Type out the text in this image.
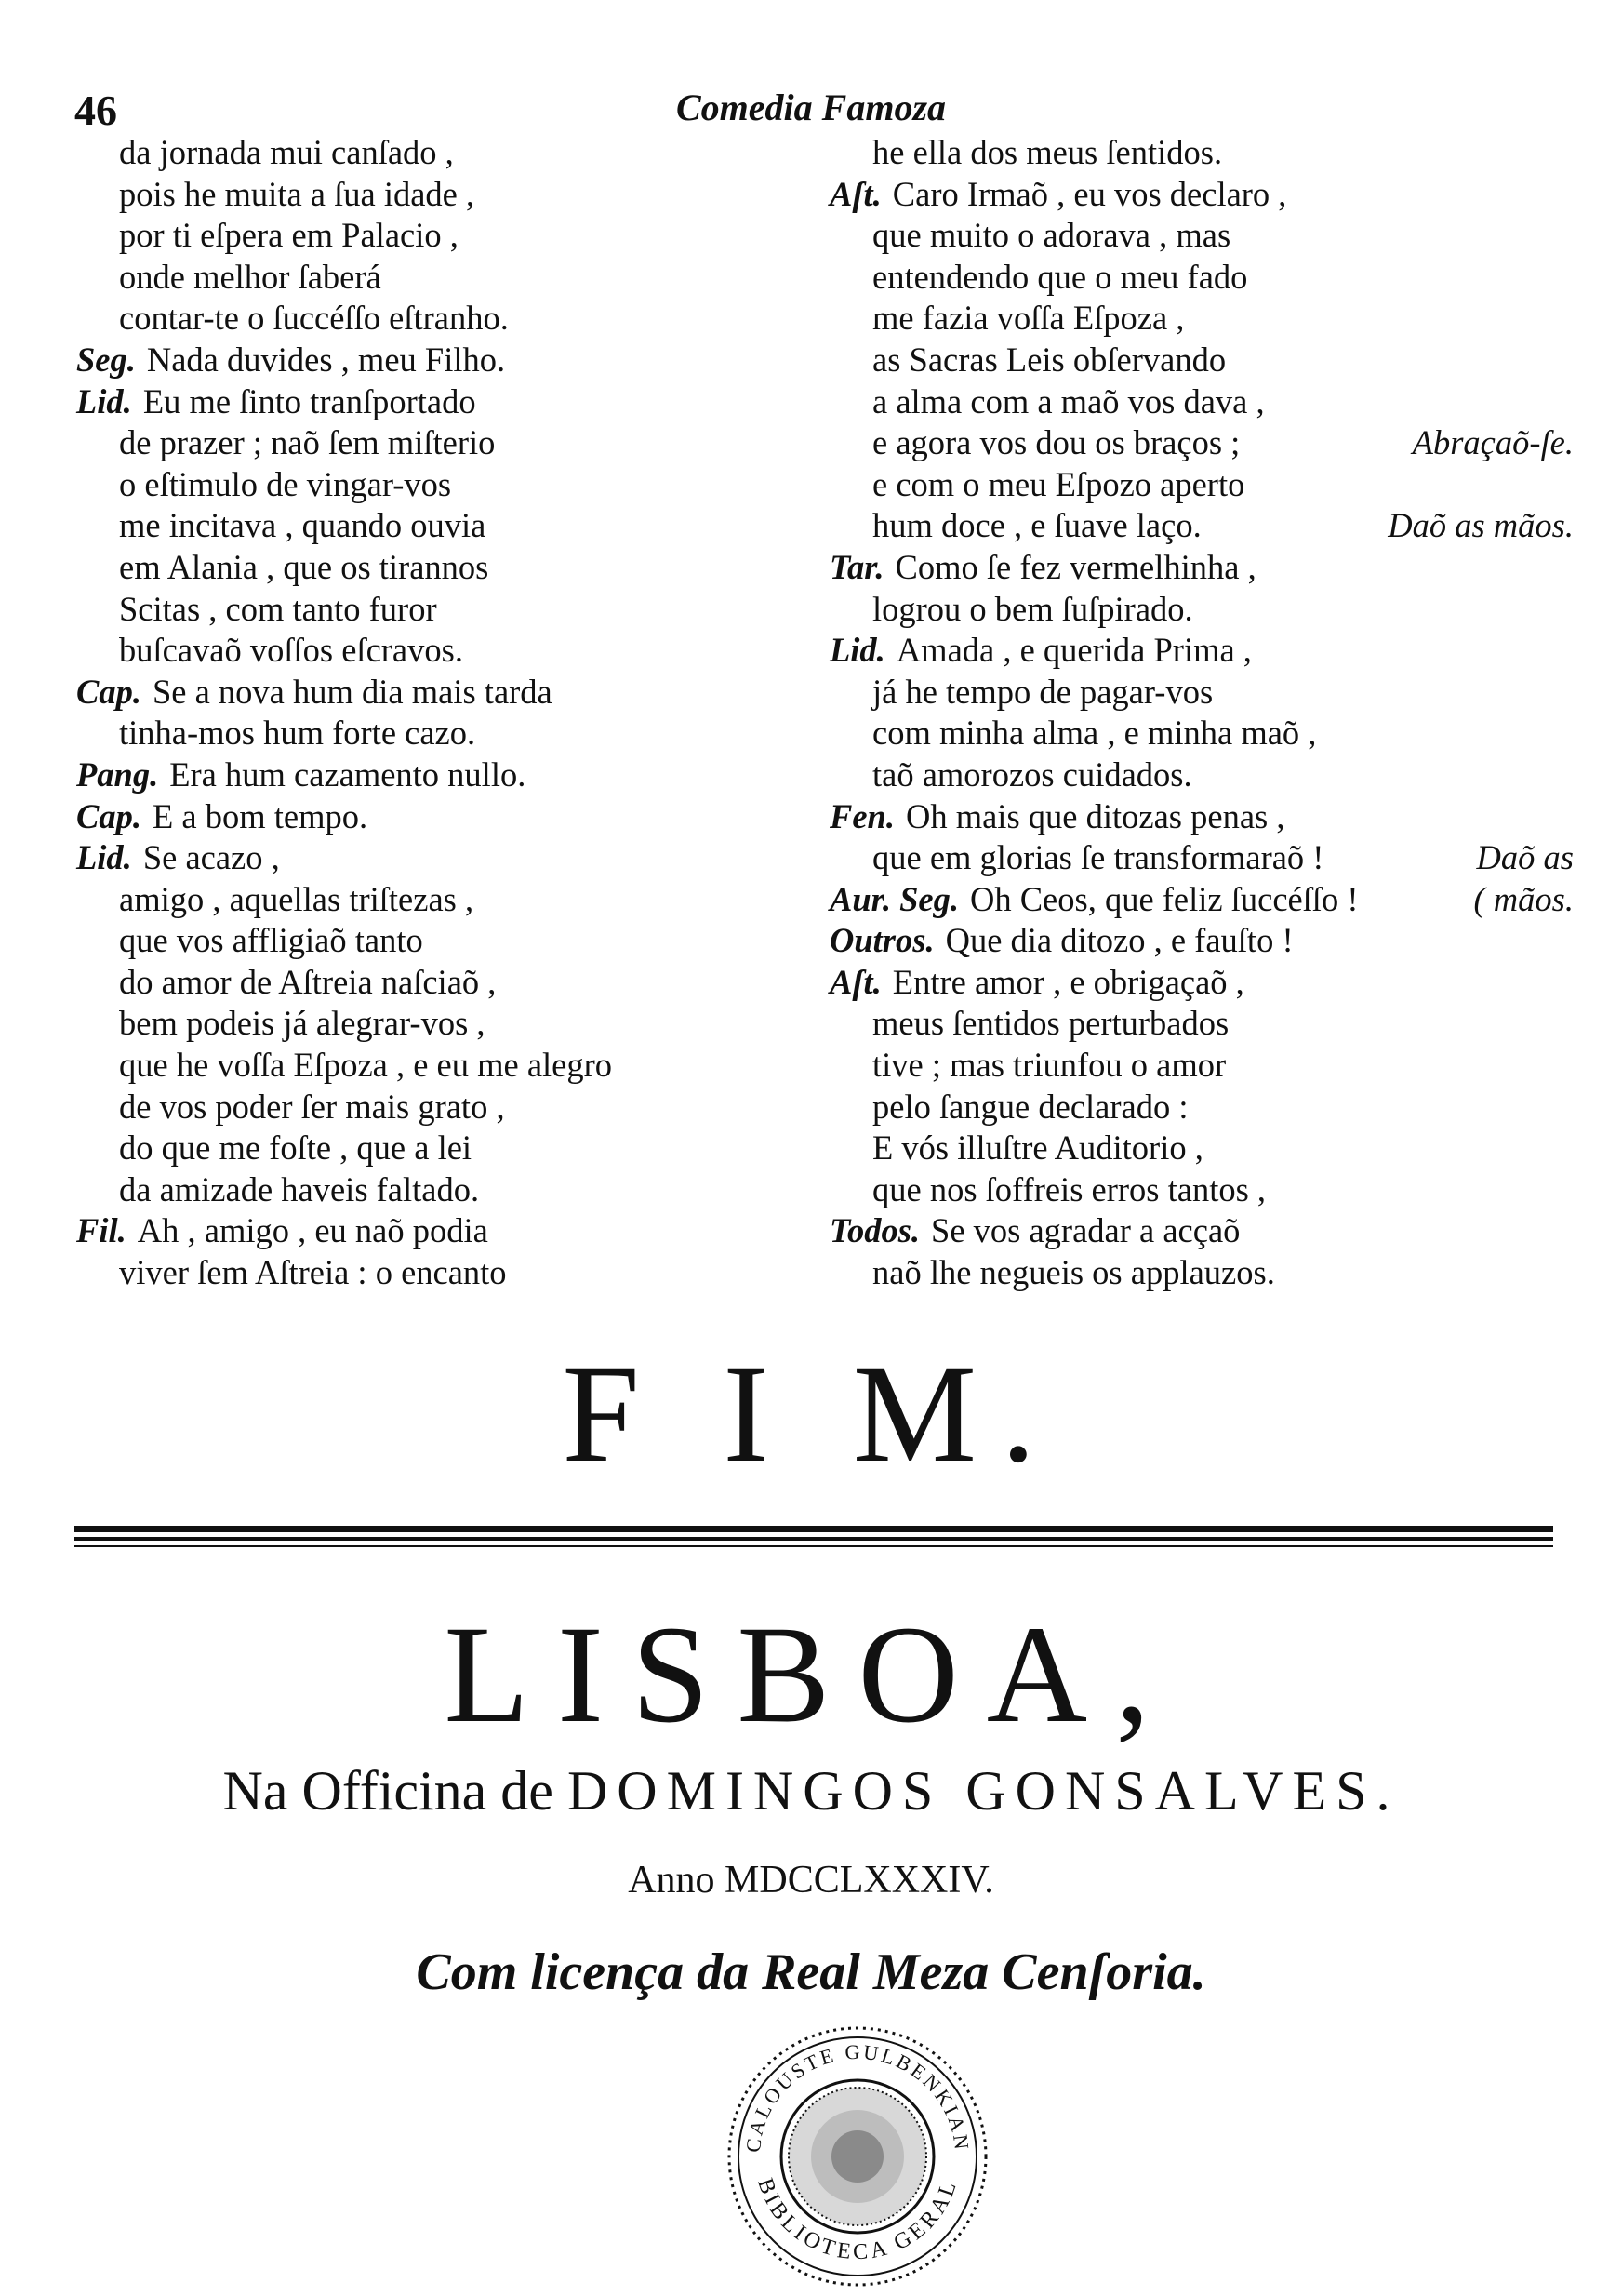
46	Comedia Famoza
da jornada mui canſado ,
pois he muita a ſua idade ,
por ti eſpera em Palacio ,
onde melhor ſaberá
contar-te o ſuccéſſo eſtranho.
Seg. Nada duvides , meu Filho.
Lid. Eu me ſinto tranſportado
de prazer ; naõ ſem miſterio
o eſtimulo de vingar-vos
me incitava , quando ouvia
em Alania , que os tirannos
Scitas , com tanto furor
buſcavaõ voſſos eſcravos.
Cap. Se a nova hum dia mais tarda
tinha-mos hum forte cazo.
Pang. Era hum cazamento nullo.
Cap. E a bom tempo.
Lid. Se acazo ,
amigo , aquellas triſtezas ,
que vos affligiaõ tanto
do amor de Aſtreia naſciaõ ,
bem podeis já alegrar-vos ,
que he voſſa Eſpoza , e eu me alegro
de vos poder ſer mais grato ,
do que me foſte , que a lei
da amizade haveis faltado.
Fil. Ah , amigo , eu naõ podia
viver ſem Aſtreia : o encanto
he ella dos meus ſentidos.
Aſt. Caro Irmaõ , eu vos declaro ,
que muito o adorava , mas
entendendo que o meu fado
me fazia voſſa Eſpoza ,
as Sacras Leis obſervando
a alma com a maõ vos dava ,
e agora vos dou os braços ;	Abraçaõ-ſe.
e com o meu Eſpozo aperto
hum doce , e ſuave laço.	Daõ as mãos.
Tar. Como ſe fez vermelhinha ,
logrou o bem ſuſpirado.
Lid. Amada , e querida Prima ,
já he tempo de pagar-vos
com minha alma , e minha maõ ,
taõ amorozos cuidados.
Fen. Oh mais que ditozas penas ,
que em glorias ſe transformaraõ !	Daõ as
Aur. Seg. Oh Ceos, que feliz ſuccéſſo !	( mãos.
Outros. Que dia ditozo , e fauſto !
Aſt. Entre amor , e obrigaçaõ ,
meus ſentidos perturbados
tive ; mas triunfou o amor
pelo ſangue declarado :
E vós illuſtre Auditorio ,
que nos ſoffreis erros tantos ,
Todos. Se vos agradar a acçaõ
naõ lhe negueis os applauzos.
F I M.
LISBOA,
Na Officina de DOMINGOS GONSALVES.
Anno MDCCLXXXIV.
Com licença da Real Meza Cenſoria.
CALOUSTE GULBENKIAN
BIBLIOTECA GERAL
